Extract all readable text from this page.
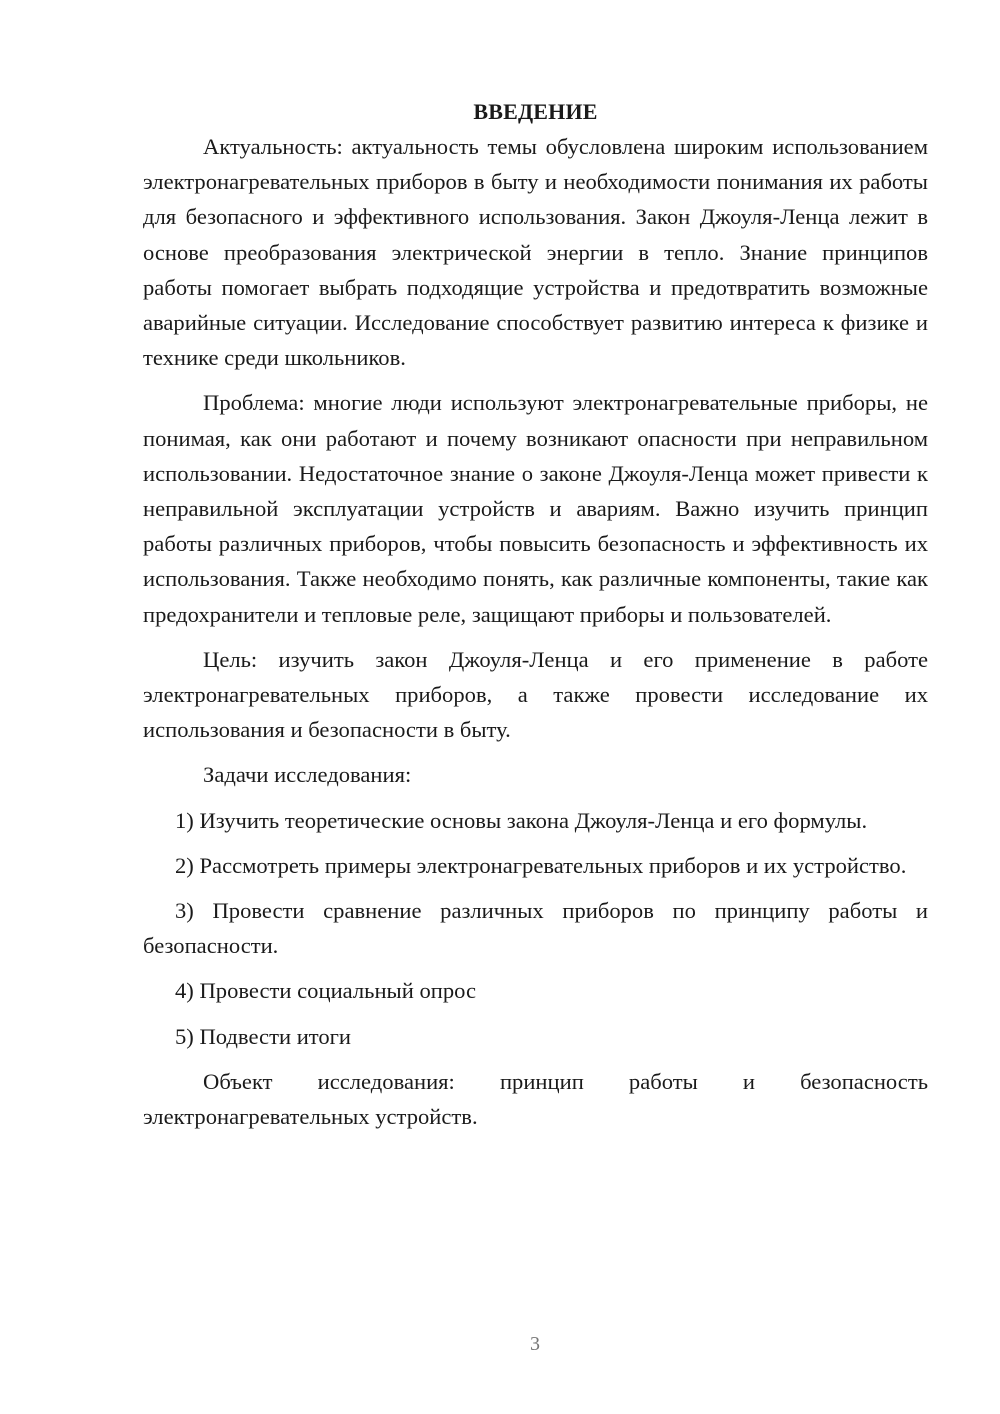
ВВЕДЕНИЕ

Актуальность: актуальность темы обусловлена широким использованием электронагревательных приборов в быту и необходимости понимания их работы для безопасного и эффективного использования. Закон Джоуля-Ленца лежит в основе преобразования электрической энергии в тепло. Знание принципов работы помогает выбрать подходящие устройства и предотвратить возможные аварийные ситуации. Исследование способствует развитию интереса к физике и технике среди школьников.

Проблема: многие люди используют электронагревательные приборы, не понимая, как они работают и почему возникают опасности при неправильном использовании. Недостаточное знание о законе Джоуля-Ленца может привести к неправильной эксплуатации устройств и авариям. Важно изучить принцип работы различных приборов, чтобы повысить безопасность и эффективность их использования. Также необходимо понять, как различные компоненты, такие как предохранители и тепловые реле, защищают приборы и пользователей.

Цель: изучить закон Джоуля-Ленца и его применение в работе электронагревательных приборов, а также провести исследование их использования и безопасности в быту.

Задачи исследования:

1) Изучить теоретические основы закона Джоуля-Ленца и его формулы.

2) Рассмотреть примеры электронагревательных приборов и их устройство.

3) Провести сравнение различных приборов по принципу работы и безопасности.

4) Провести социальный опрос

5) Подвести итоги

Объект исследования: принцип работы и безопасность электронагревательных устройств.

3
